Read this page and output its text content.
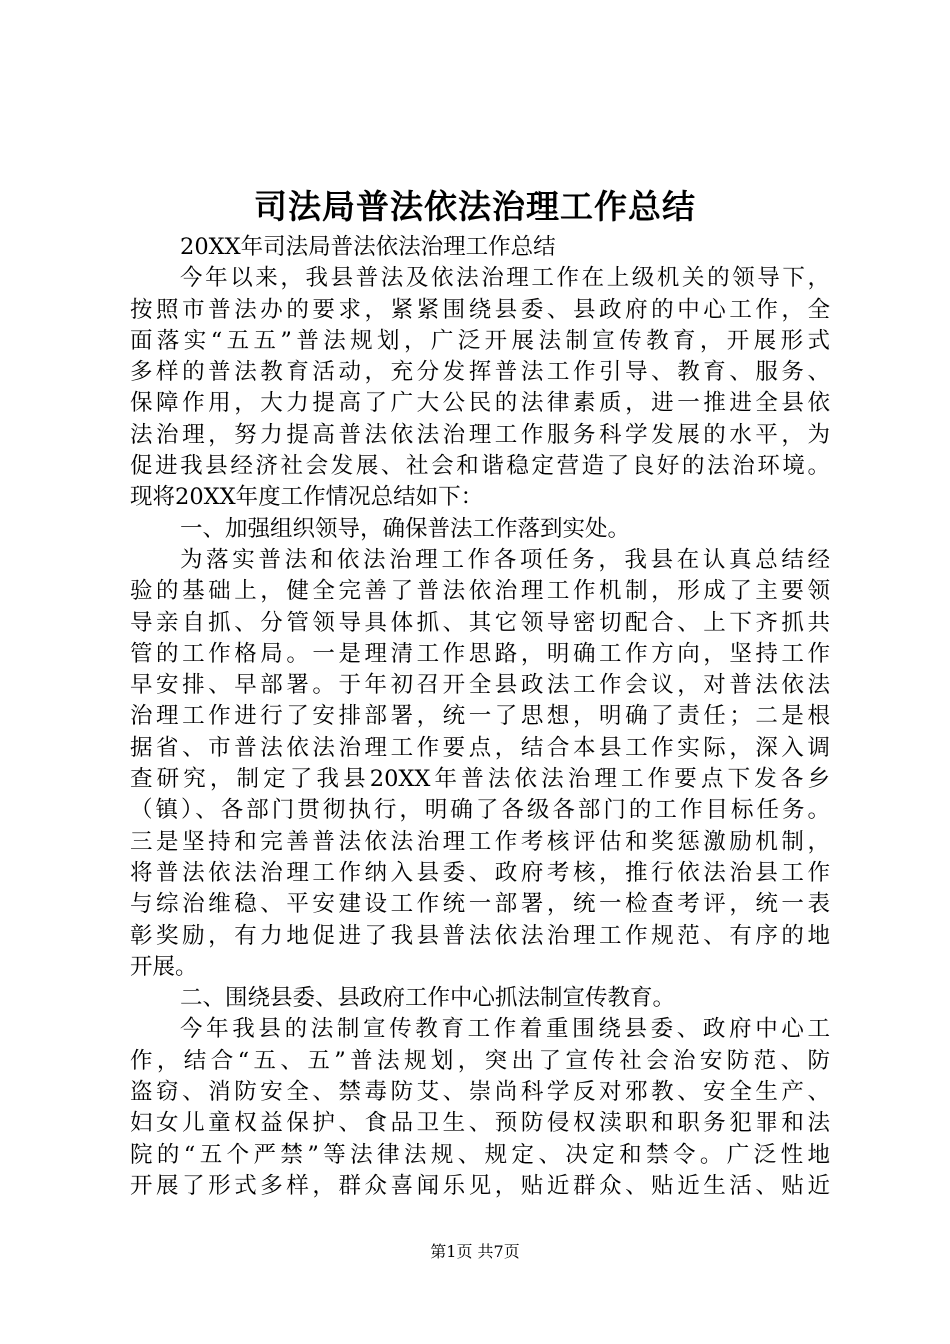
司法局普法依法治理工作总结
20XX年司法局普法依法治理工作总结
今年以来，我县普法及依法治理工作在上级机关的领导下，
按照市普法办的要求，紧紧围绕县委、县政府的中心工作，全
面落实“五五”普法规划，广泛开展法制宣传教育，开展形式
多样的普法教育活动，充分发挥普法工作引导、教育、服务、
保障作用，大力提高了广大公民的法律素质，进一推进全县依
法治理，努力提高普法依法治理工作服务科学发展的水平，为
促进我县经济社会发展、社会和谐稳定营造了良好的法治环境。
现将20XX年度工作情况总结如下：
一、加强组织领导，确保普法工作落到实处。
为落实普法和依法治理工作各项任务，我县在认真总结经
验的基础上，健全完善了普法依治理工作机制，形成了主要领
导亲自抓、分管领导具体抓、其它领导密切配合、上下齐抓共
管的工作格局。一是理清工作思路，明确工作方向，坚持工作
早安排、早部署。于年初召开全县政法工作会议，对普法依法
治理工作进行了安排部署，统一了思想，明确了责任；二是根
据省、市普法依法治理工作要点，结合本县工作实际，深入调
查研究，制定了我县20XX年普法依法治理工作要点下发各乡
（镇）、各部门贯彻执行，明确了各级各部门的工作目标任务。
三是坚持和完善普法依法治理工作考核评估和奖惩激励机制，
将普法依法治理工作纳入县委、政府考核，推行依法治县工作
与综治维稳、平安建设工作统一部署，统一检查考评，统一表
彰奖励，有力地促进了我县普法依法治理工作规范、有序的地
开展。
二、围绕县委、县政府工作中心抓法制宣传教育。
今年我县的法制宣传教育工作着重围绕县委、政府中心工
作，结合“五、五”普法规划，突出了宣传社会治安防范、防
盗窃、消防安全、禁毒防艾、崇尚科学反对邪教、安全生产、
妇女儿童权益保护、食品卫生、预防侵权渎职和职务犯罪和法
院的“五个严禁”等法律法规、规定、决定和禁令。广泛性地
开展了形式多样，群众喜闻乐见，贴近群众、贴近生活、贴近
第1页 共7页
